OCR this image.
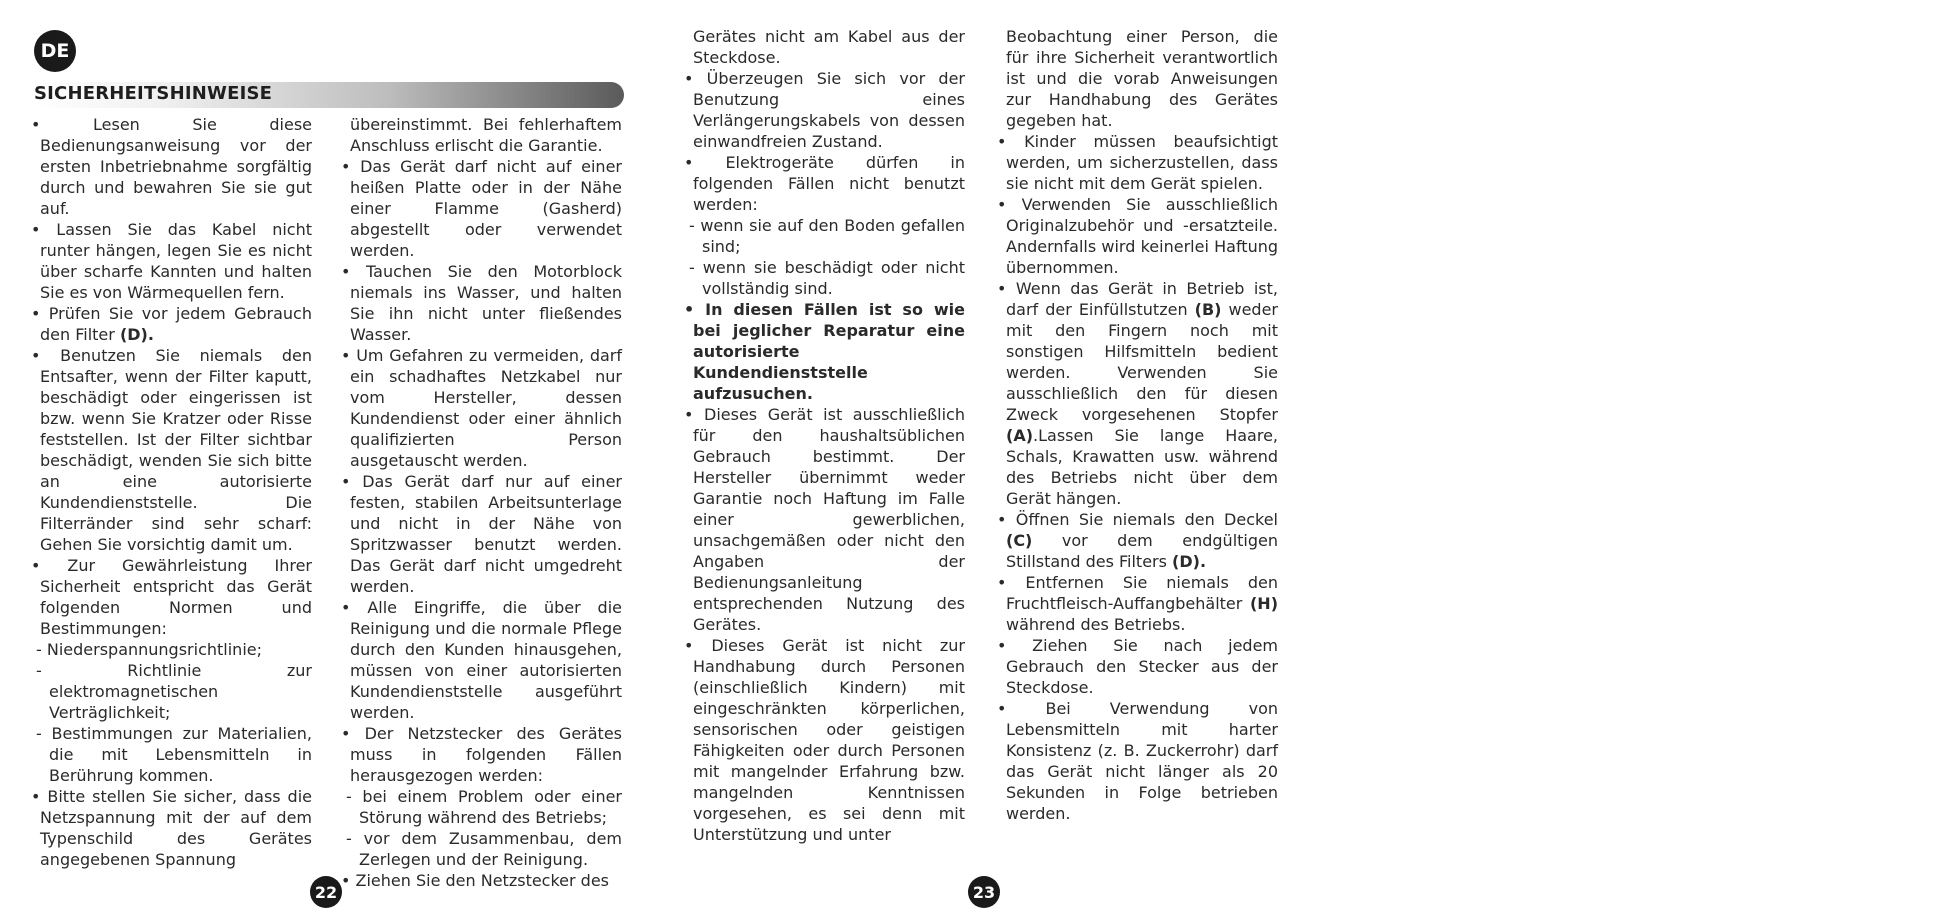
DE
SICHERHEITSHINWEISE

• Lesen Sie diese Bedienungsanweisung vor der ersten Inbetriebnahme sorgfältig durch und bewahren Sie sie gut auf.

• Lassen Sie das Kabel nicht runter hängen, legen Sie es nicht über scharfe Kannten und halten Sie es von Wärmequellen fern.

• Prüfen Sie vor jedem Gebrauch den Filter (D).

• Benutzen Sie niemals den Entsafter, wenn der Filter kaputt, beschädigt oder eingerissen ist bzw. wenn Sie Kratzer oder Risse feststellen. Ist der Filter sichtbar beschädigt, wenden Sie sich bitte an eine autorisierte Kundendienststelle. Die Filterränder sind sehr scharf: Gehen Sie vorsichtig damit um.

• Zur Gewährleistung Ihrer Sicherheit entspricht das Gerät folgenden Normen und Bestimmungen:

- Niederspannungsrichtlinie;

- Richtlinie zur elektromagnetischen Verträglichkeit;

- Bestimmungen zur Materialien, die mit Lebensmitteln in Berührung kommen.

• Bitte stellen Sie sicher, dass die Netzspannung mit der auf dem Typenschild des Gerätes angegebenen Spannung

übereinstimmt. Bei fehlerhaftem Anschluss erlischt die Garantie.

• Das Gerät darf nicht auf einer heißen Platte oder in der Nähe einer Flamme (Gasherd) abgestellt oder verwendet werden.

• Tauchen Sie den Motorblock niemals ins Wasser, und halten Sie ihn nicht unter fließendes Wasser.

• Um Gefahren zu vermeiden, darf ein schadhaftes Netzkabel nur vom Hersteller, dessen Kundendienst oder einer ähnlich qualifizierten Person ausgetauscht werden.

• Das Gerät darf nur auf einer festen, stabilen Arbeitsunterlage und nicht in der Nähe von Spritzwasser benutzt werden. Das Gerät darf nicht umgedreht werden.

• Alle Eingriffe, die über die Reinigung und die normale Pflege durch den Kunden hinausgehen, müssen von einer autorisierten Kundendienststelle ausgeführt werden.

• Der Netzstecker des Gerätes muss in folgenden Fällen herausgezogen werden:

- bei einem Problem oder einer Störung während des Betriebs;

- vor dem Zusammenbau, dem Zerlegen und der Reinigung.

• Ziehen Sie den Netzstecker des

Gerätes nicht am Kabel aus der Steckdose.

• Überzeugen Sie sich vor der Benutzung eines Verlängerungskabels von dessen einwandfreien Zustand.

• Elektrogeräte dürfen in folgenden Fällen nicht benutzt werden:

- wenn sie auf den Boden gefallen sind;

- wenn sie beschädigt oder nicht vollständig sind.

• In diesen Fällen ist so wie bei jeglicher Reparatur eine autorisierte Kundendienststelle aufzusuchen.

• Dieses Gerät ist ausschließlich für den haushaltsüblichen Gebrauch bestimmt. Der Hersteller übernimmt weder Garantie noch Haftung im Falle einer gewerblichen, unsachgemäßen oder nicht den Angaben der Bedienungsanleitung entsprechenden Nutzung des Gerätes.

• Dieses Gerät ist nicht zur Handhabung durch Personen (einschließlich Kindern) mit eingeschränkten körperlichen, sensorischen oder geistigen Fähigkeiten oder durch Personen mit mangelnder Erfahrung bzw. mangelnden Kenntnissen vorgesehen, es sei denn mit Unterstützung und unter

Beobachtung einer Person, die für ihre Sicherheit verantwortlich ist und die vorab Anweisungen zur Handhabung des Gerätes gegeben hat.

• Kinder müssen beaufsichtigt werden, um sicherzustellen, dass sie nicht mit dem Gerät spielen.

• Verwenden Sie ausschließlich Originalzubehör und -ersatzteile. Andernfalls wird keinerlei Haftung übernommen.

• Wenn das Gerät in Betrieb ist, darf der Einfüllstutzen (B) weder mit den Fingern noch mit sonstigen Hilfsmitteln bedient werden. Verwenden Sie ausschließlich den für diesen Zweck vorgesehenen Stopfer (A).Lassen Sie lange Haare, Schals, Krawatten usw. während des Betriebs nicht über dem Gerät hängen.

• Öffnen Sie niemals den Deckel (C) vor dem endgültigen Stillstand des Filters (D).

• Entfernen Sie niemals den Fruchtfleisch-Auffangbehälter (H) während des Betriebs.

• Ziehen Sie nach jedem Gebrauch den Stecker aus der Steckdose.

• Bei Verwendung von Lebensmitteln mit harter Konsistenz (z. B. Zuckerrohr) darf das Gerät nicht länger als 20 Sekunden in Folge betrieben werden.

22	23
